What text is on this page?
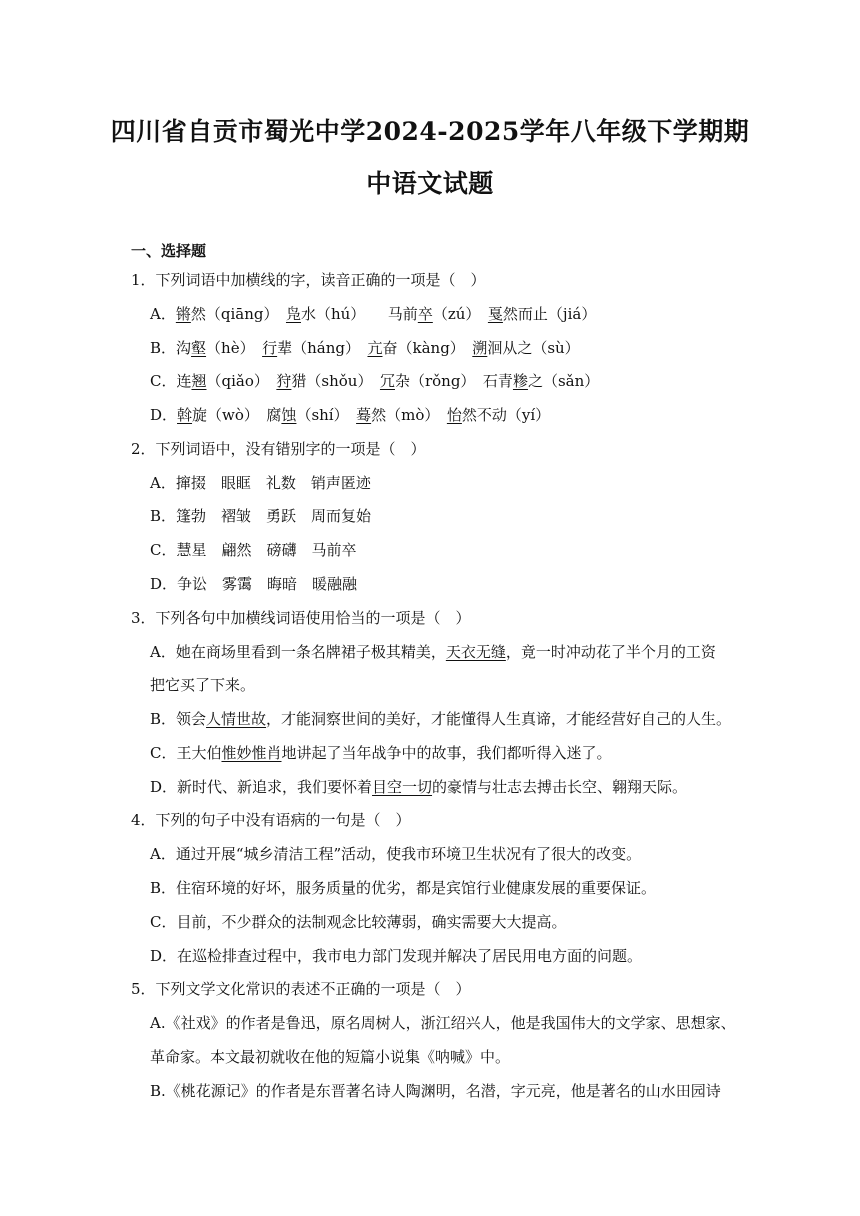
四川省自贡市蜀光中学2024-2025学年八年级下学期期中语文试题
一、选择题
1．下列词语中加横线的字，读音正确的一项是（　）
A．锵然（qiāng）　凫水（hú）　　马前卒（zú）　戛然而止（jiá）
B．沟壑（hè）　行辈（háng）　亢奋（kàng）　溯洄从之（sù）
C．连翘（qiǎo）　狩猎（shǒu）　冗杂（rǒng）　石青糁之（sǎn）
D．斡旋（wò）　腐蚀（shí）　蓦然（mò）　怡然不动（yí）
2．下列词语中，没有错别字的一项是（　）
A．撺掇　眼眶　礼数　销声匿迹
B．篷勃　褶皱　勇跃　周而复始
C．慧星　翩然　磅礴　马前卒
D．争讼　雾霭　晦暗　暖融融
3．下列各句中加横线词语使用恰当的一项是（　）
A．她在商场里看到一条名牌裙子极其精美，天衣无缝，竟一时冲动花了半个月的工资
把它买了下来。
B．领会人情世故，才能洞察世间的美好，才能懂得人生真谛，才能经营好自己的人生。
C．王大伯惟妙惟肖地讲起了当年战争中的故事，我们都听得入迷了。
D．新时代、新追求，我们要怀着目空一切的豪情与壮志去搏击长空、翱翔天际。
4．下列的句子中没有语病的一句是（　）
A．通过开展“城乡清洁工程”活动，使我市环境卫生状况有了很大的改变。
B．住宿环境的好坏，服务质量的优劣，都是宾馆行业健康发展的重要保证。
C．目前，不少群众的法制观念比较薄弱，确实需要大大提高。
D．在巡检排查过程中，我市电力部门发现并解决了居民用电方面的问题。
5．下列文学文化常识的表述不正确的一项是（　）
A.《社戏》的作者是鲁迅，原名周树人，浙江绍兴人，他是我国伟大的文学家、思想家、
革命家。本文最初就收在他的短篇小说集《呐喊》中。
B.《桃花源记》的作者是东晋著名诗人陶渊明，名潜，字元亮，他是著名的山水田园诗
